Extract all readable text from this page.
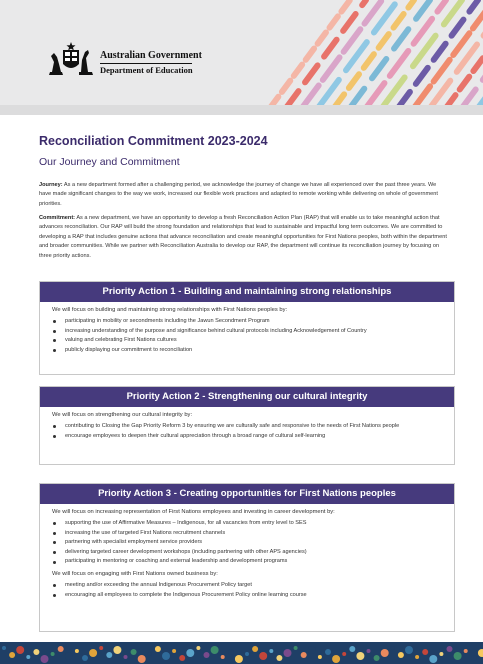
Australian Government
Department of Education
Reconciliation Commitment 2023-2024
Our Journey and Commitment
Journey: As a new department formed after a challenging period, we acknowledge the journey of change we have all experienced over the past three years. We have made significant changes to the way we work, increased our flexible work practices and adapted to remote working while delivering on whole of government priorities.
Commitment: As a new department, we have an opportunity to develop a fresh Reconciliation Action Plan (RAP) that will enable us to take meaningful action that advances reconciliation. Our RAP will build the strong foundation and relationships that lead to sustainable and impactful long term outcomes. We are committed to developing a RAP that includes genuine actions that advance reconciliation and create meaningful opportunities for First Nations peoples, both within the department and broader communities. While we partner with Reconciliation Australia to develop our RAP, the department will continue its reconciliation journey by focusing on three priority actions.
Priority Action 1 - Building and maintaining strong relationships
We will focus on building and maintaining strong relationships with First Nations peoples by:
participating in mobility or secondments including the Jawun Secondment Program
increasing understanding of the purpose and significance behind cultural protocols including Acknowledgement of Country
valuing and celebrating First Nations cultures
publicly displaying our commitment to reconciliation
Priority Action 2 - Strengthening our cultural integrity
We will focus on strengthening our cultural integrity by:
contributing to Closing the Gap Priority Reform 3 by ensuring we are culturally safe and responsive to the needs of First Nations people
encourage employees to deepen their cultural appreciation through a broad range of cultural self-learning
Priority Action 3 - Creating opportunities for First Nations peoples
We will focus on increasing representation of First Nations employees and investing in career development by:
supporting the use of Affirmative Measures – Indigenous, for all vacancies from entry level to SES
increasing the use of targeted First Nations recruitment channels
partnering with specialist employment service providers
delivering targeted career development workshops (including partnering with other APS agencies)
participating in mentoring or coaching and external leadership and development programs
We will focus on engaging with First Nations owned business by:
meeting and/or exceeding the annual Indigenous Procurement Policy target
encouraging all employees to complete the Indigenous Procurement Policy online learning course
